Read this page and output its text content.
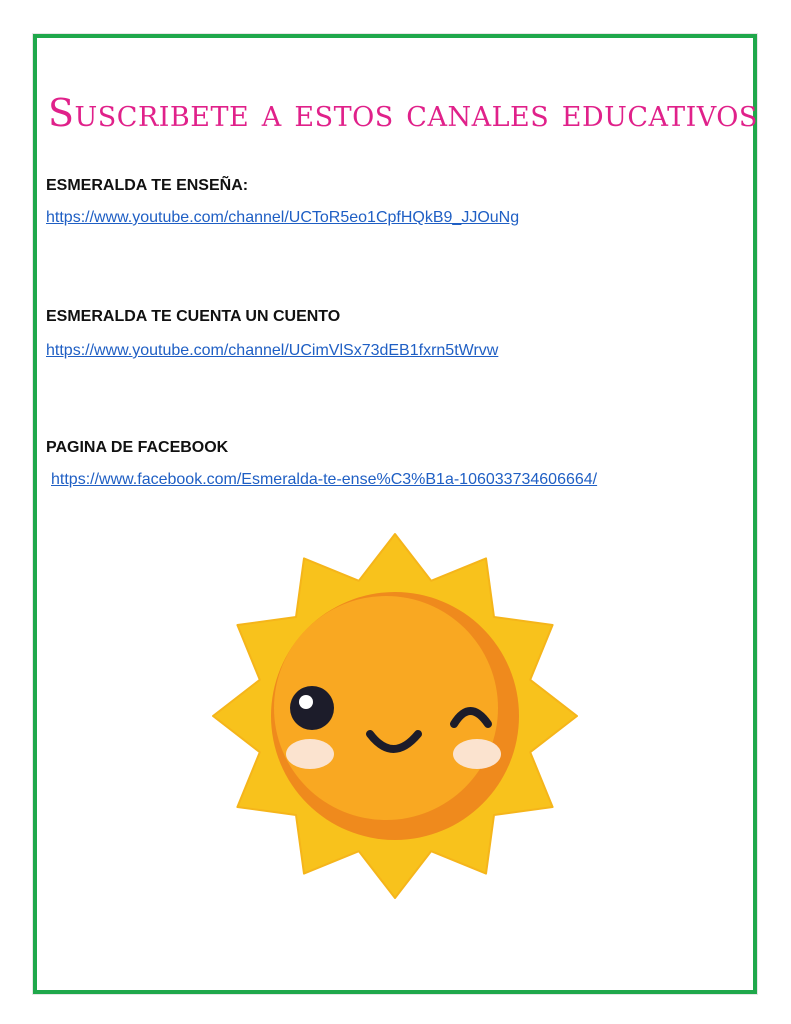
Suscribete a estos canales educativos
ESMERALDA TE ENSEÑA:
https://www.youtube.com/channel/UCToR5eo1CpfHQkB9_JJOuNg
ESMERALDA TE CUENTA UN CUENTO
https://www.youtube.com/channel/UCimVlSx73dEB1fxrn5tWrvw
PAGINA DE FACEBOOK
https://www.facebook.com/Esmeralda-te-ense%C3%B1a-106033734606664/
